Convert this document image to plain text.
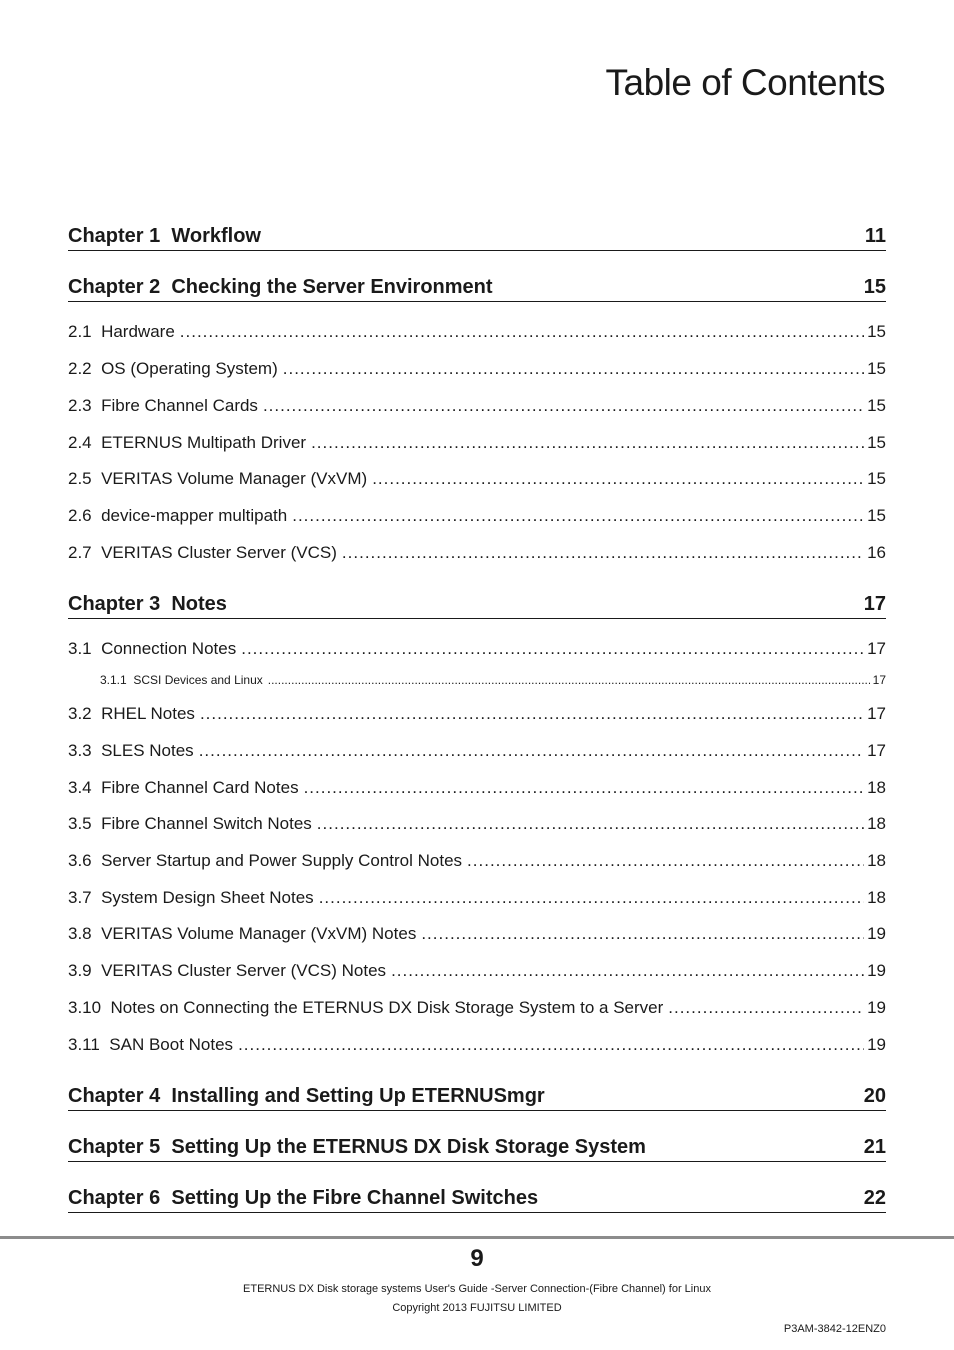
Table of Contents
Chapter 1  Workflow	11
Chapter 2  Checking the Server Environment	15
2.1  Hardware .....	15
2.2  OS (Operating System) .....	15
2.3  Fibre Channel Cards .....	15
2.4  ETERNUS Multipath Driver .....	15
2.5  VERITAS Volume Manager (VxVM) .....	15
2.6  device-mapper multipath .....	15
2.7  VERITAS Cluster Server (VCS) .....	16
Chapter 3  Notes	17
3.1  Connection Notes .....	17
3.1.1  SCSI Devices and Linux .....	17
3.2  RHEL Notes .....	17
3.3  SLES Notes .....	17
3.4  Fibre Channel Card Notes .....	18
3.5  Fibre Channel Switch Notes .....	18
3.6  Server Startup and Power Supply Control Notes .....	18
3.7  System Design Sheet Notes .....	18
3.8  VERITAS Volume Manager (VxVM) Notes .....	19
3.9  VERITAS Cluster Server (VCS) Notes .....	19
3.10  Notes on Connecting the ETERNUS DX Disk Storage System to a Server .....	19
3.11  SAN Boot Notes .....	19
Chapter 4  Installing and Setting Up ETERNUSmgr	20
Chapter 5  Setting Up the ETERNUS DX Disk Storage System	21
Chapter 6  Setting Up the Fibre Channel Switches	22
9
ETERNUS DX Disk storage systems User's Guide -Server Connection-(Fibre Channel) for Linux
Copyright 2013 FUJITSU LIMITED
P3AM-3842-12ENZ0
